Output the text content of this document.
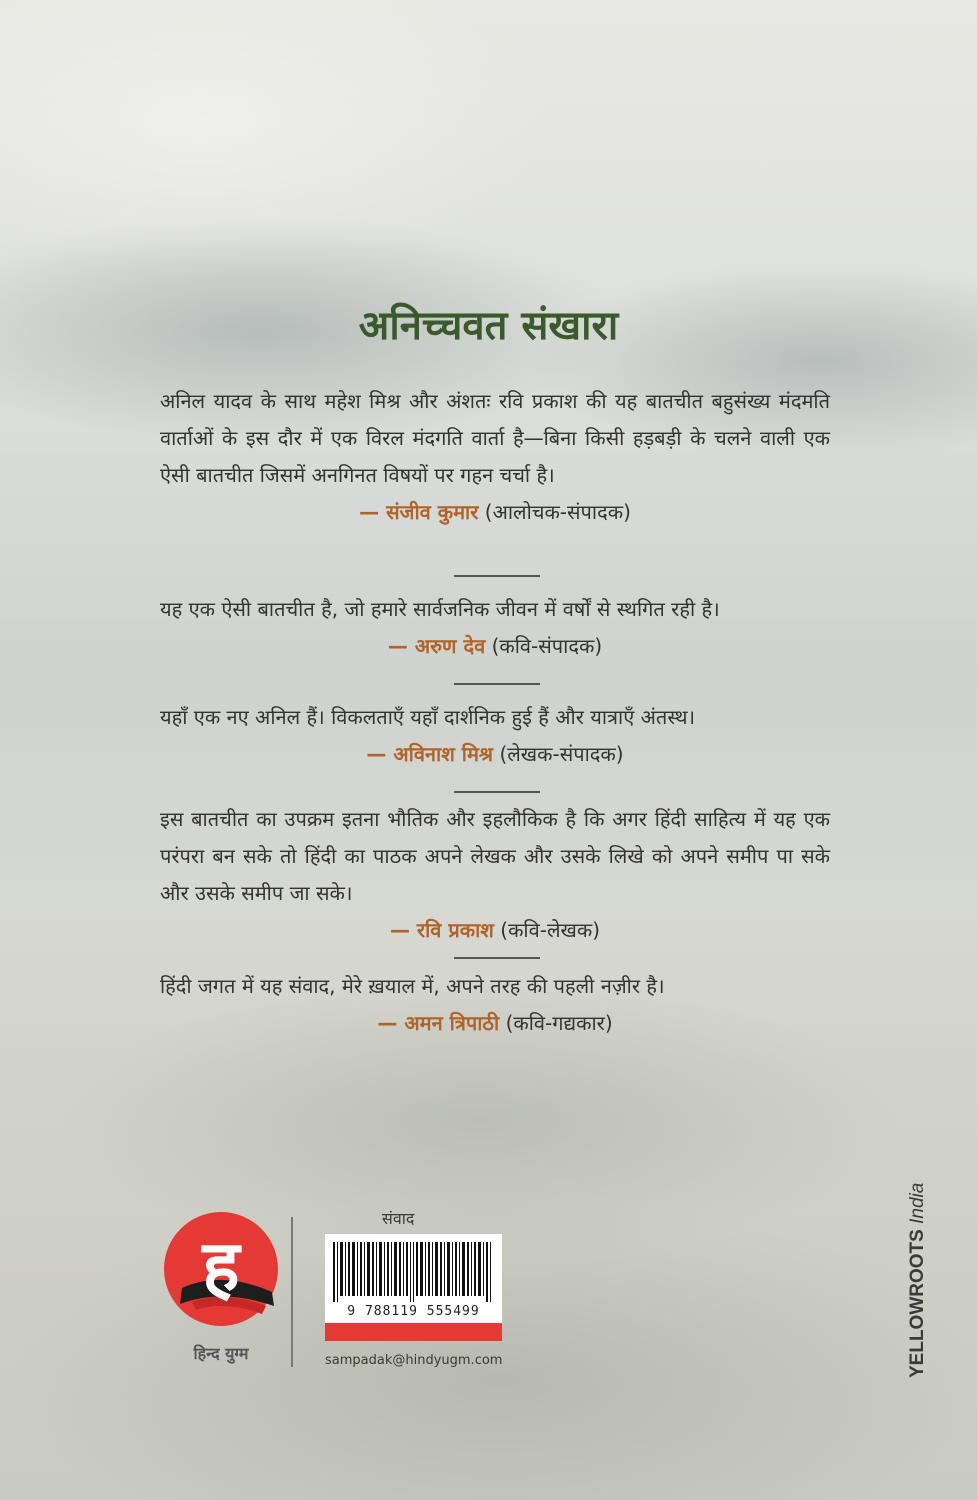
अनिच्चवत संखारा

अनिल यादव के साथ महेश मिश्र और अंशतः रवि प्रकाश की यह बातचीत बहुसंख्य मंदमति वार्ताओं के इस दौर में एक विरल मंदगति वार्ता है—बिना किसी हड़बड़ी के चलने वाली एक ऐसी बातचीत जिसमें अनगिनत विषयों पर गहन चर्चा है।

— संजीव कुमार (आलोचक-संपादक)

यह एक ऐसी बातचीत है, जो हमारे सार्वजनिक जीवन में वर्षों से स्थगित रही है।

— अरुण देव (कवि-संपादक)

यहाँ एक नए अनिल हैं। विकलताएँ यहाँ दार्शनिक हुई हैं और यात्राएँ अंतस्थ।

— अविनाश मिश्र (लेखक-संपादक)

इस बातचीत का उपक्रम इतना भौतिक और इहलौकिक है कि अगर हिंदी साहित्य में यह एक परंपरा बन सके तो हिंदी का पाठक अपने लेखक और उसके लिखे को अपने समीप पा सके और उसके समीप जा सके।

— रवि प्रकाश (कवि-लेखक)

हिंदी जगत में यह संवाद, मेरे ख़याल में, अपने तरह की पहली नज़ीर है।

— अमन त्रिपाठी (कवि-गद्यकार)

ह
हिन्द युग्म
संवाद
9 788119 555499
sampadak@hindyugm.com	YELLOWROOTS India
